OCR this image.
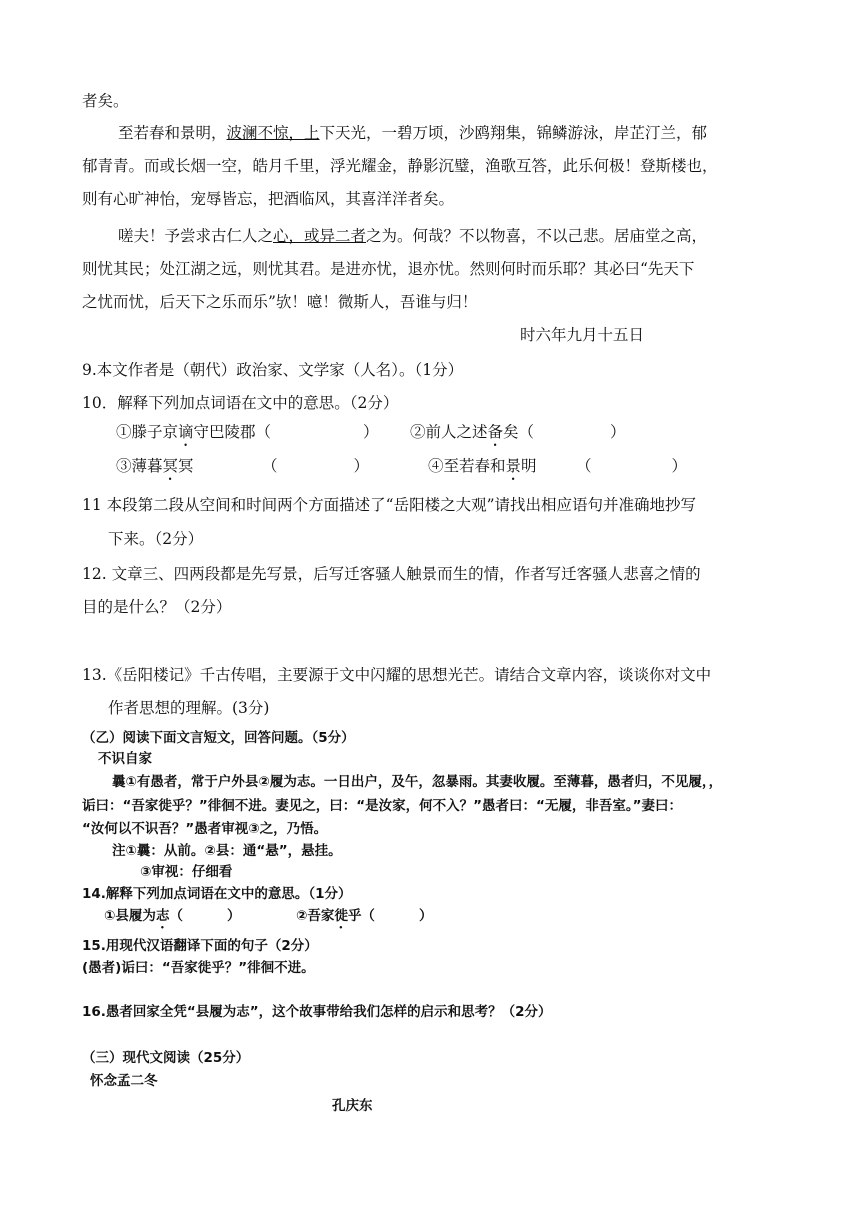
者矣。
至若春和景明，波澜不惊，上下天光，一碧万顷，沙鸥翔集，锦鳞游泳，岸芷汀兰，郁
郁青青。而或长烟一空，皓月千里，浮光耀金，静影沉璧，渔歌互答，此乐何极！登斯楼也，
则有心旷神怡，宠辱皆忘，把酒临风，其喜洋洋者矣。
嗟夫！予尝求古仁人之心，或异二者之为。何哉？不以物喜，不以己悲。居庙堂之高，
则忧其民；处江湖之远，则忧其君。是进亦忧，退亦忧。然则何时而乐耶？其必曰“先天下
之忧而忧，后天下之乐而乐”欤！噫！微斯人，吾谁与归！
时六年九月十五日
9.本文作者是（朝代）政治家、文学家（人名）。（1分）
10．解释下列加点词语在文中的意思。（2分）
①滕子京谪守巴陵郡（	） ②前人之述备矣（	）
③薄暮冥冥	（	）	④至若春和景明	（	）
11 本段第二段从空间和时间两个方面描述了“岳阳楼之大观”请找出相应语句并准确地抄写
下来。（2分）
12. 文章三、四两段都是先写景，后写迁客骚人触景而生的情，作者写迁客骚人悲喜之情的
目的是什么？（2分）
13.《岳阳楼记》千古传唱，主要源于文中闪耀的思想光芒。请结合文章内容，谈谈你对文中
作者思想的理解。(3分)
（乙）阅读下面文言短文，回答问题。（5分）
不识自家
曩①有愚者，常于户外县②履为志。一日出户，及午，忽暴雨。其妻收履。至薄暮，愚者归，不见履，，
诟曰：“吾家徙乎？”徘徊不进。妻见之，曰：“是汝家，何不入？”愚者曰：“无履，非吾室。”妻曰：
“汝何以不识吾？”愚者审视③之，乃悟。
注①曩：从前。②县：通“悬”，悬挂。
③审视：仔细看
14.解释下列加点词语在文中的意思。（1分）
①县履为志（	）	②吾家徙乎（	）
15.用现代汉语翻译下面的句子（2分）
(愚者)诟曰：“吾家徙乎？”徘徊不进。
16.愚者回家全凭“县履为志”，这个故事带给我们怎样的启示和思考？（2分）
（三）现代文阅读（25分）
怀念孟二冬
孔庆东
